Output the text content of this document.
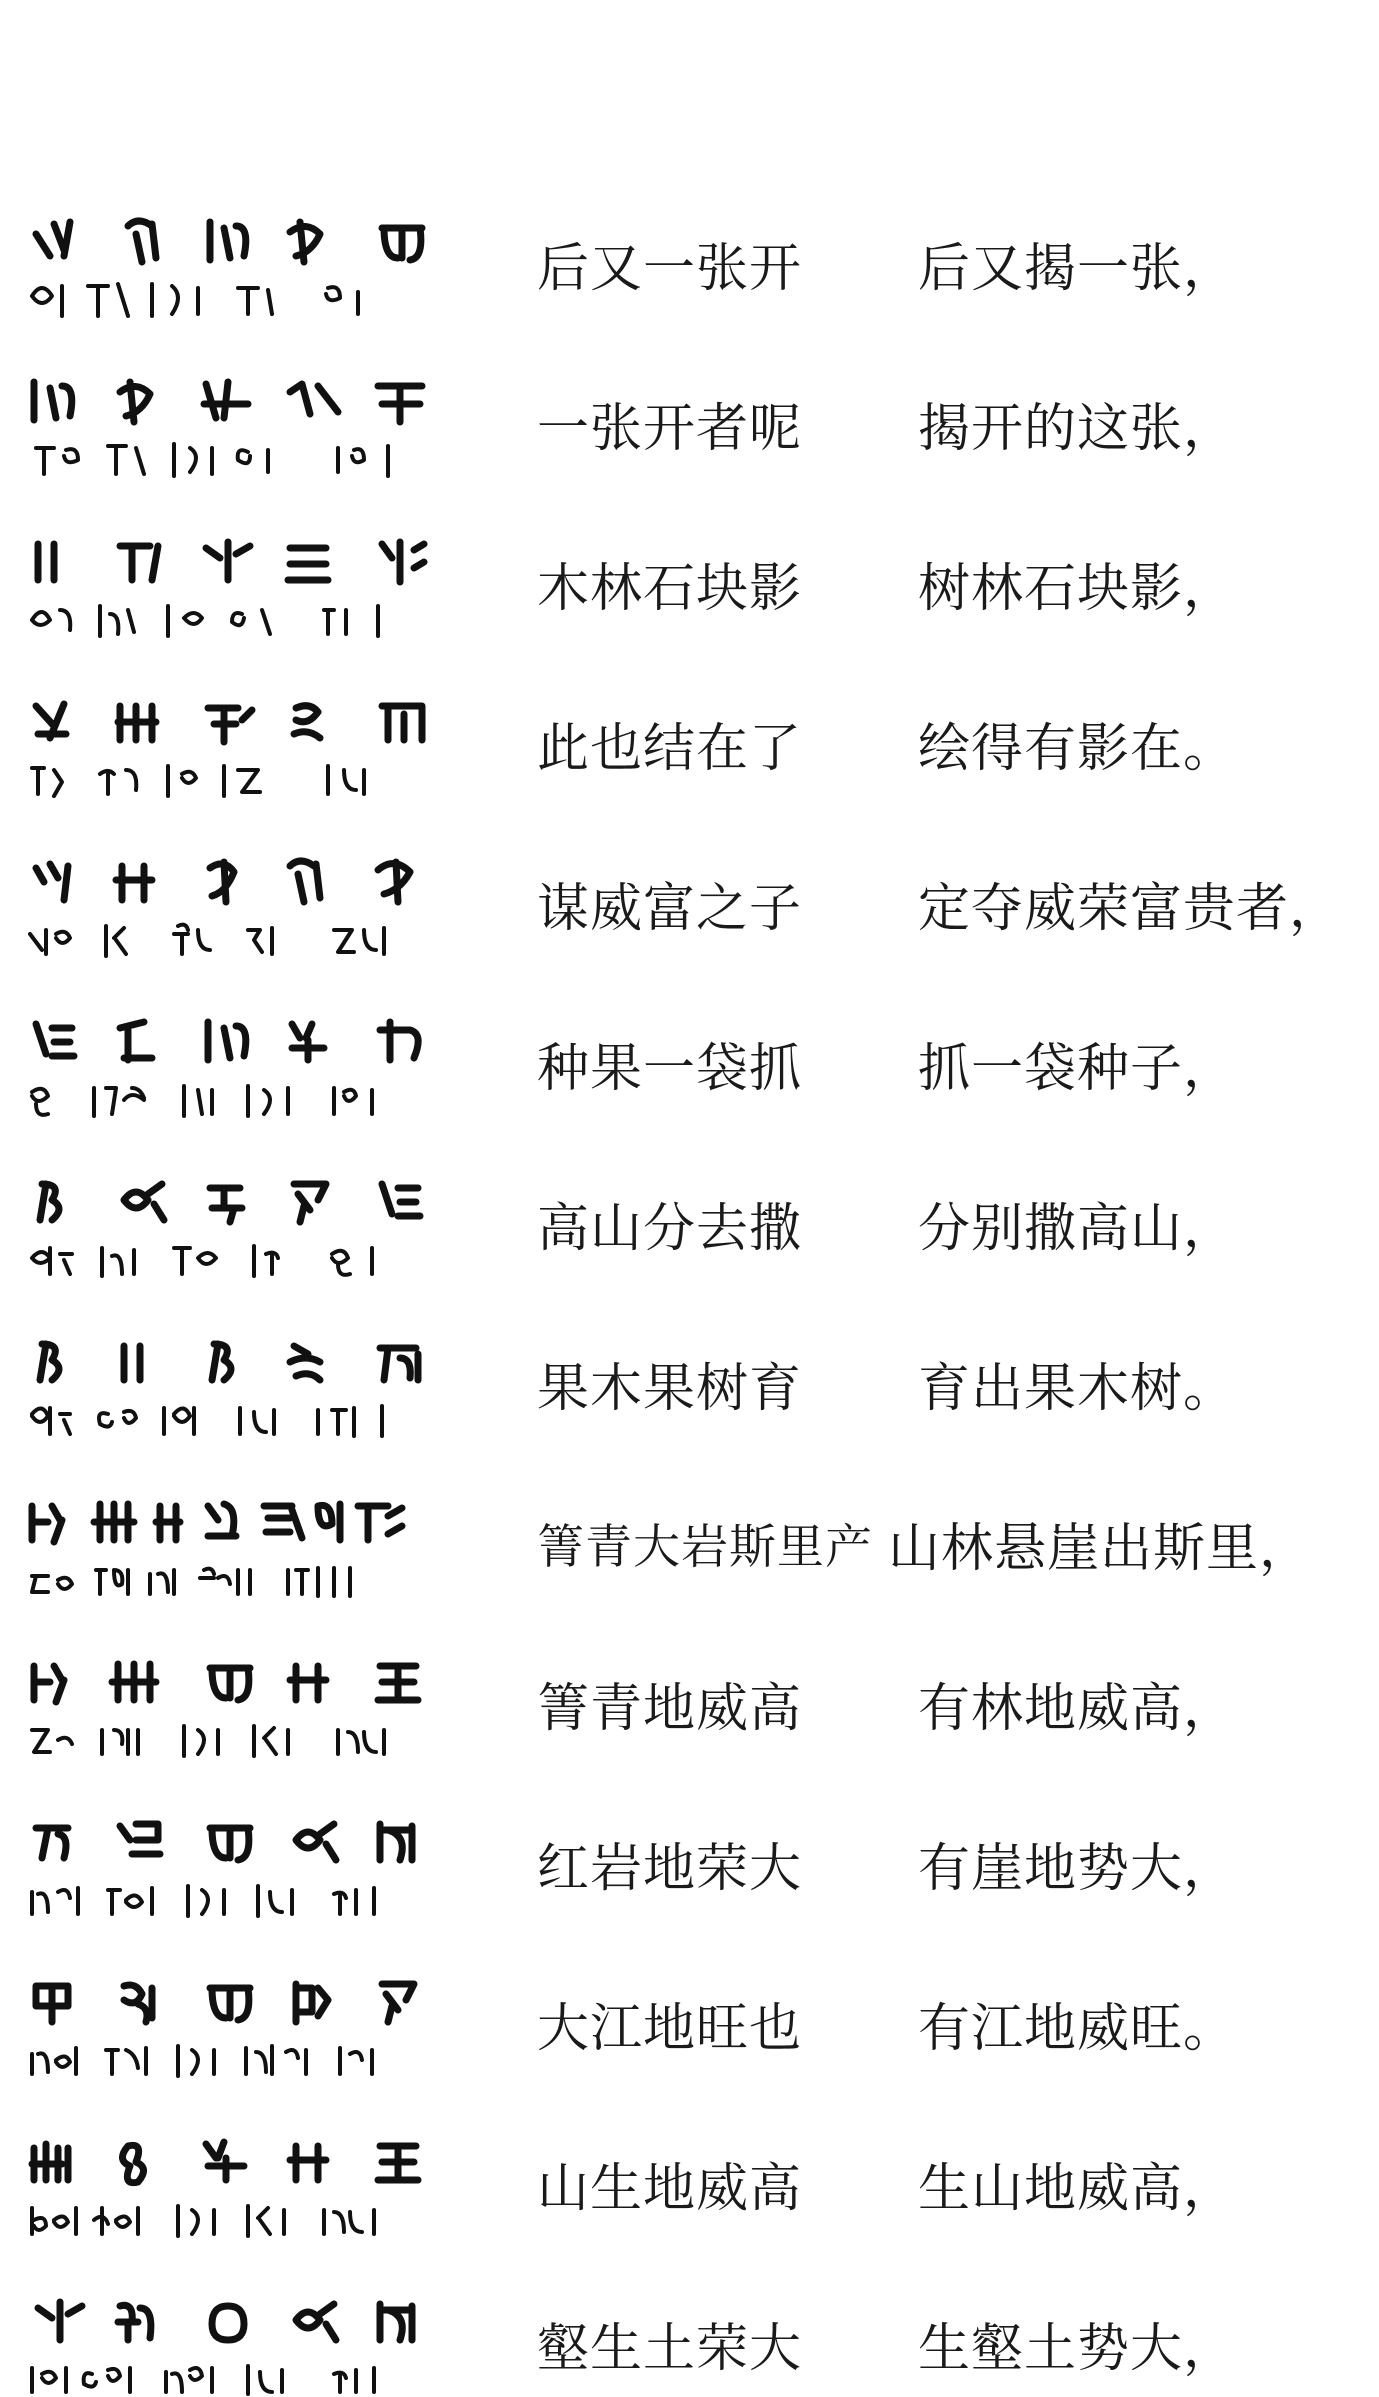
后又一张开 后又揭一张，
一张开者呢 揭开的这张，
木林石块影 树林石块影，
此也结在了 绘得有影在。
谋威富之子 定夺威荣富贵者，
种果一袋抓 抓一袋种子，
高山分去撒 分别撒高山，
果木果树育 育出果木树。
箐青大岩斯里产 山林悬崖出斯里，
箐青地威高 有林地威高，
红岩地荣大 有崖地势大，
大江地旺也 有江地威旺。
山生地威高 生山地威高，
壑生土荣大 生壑土势大，
